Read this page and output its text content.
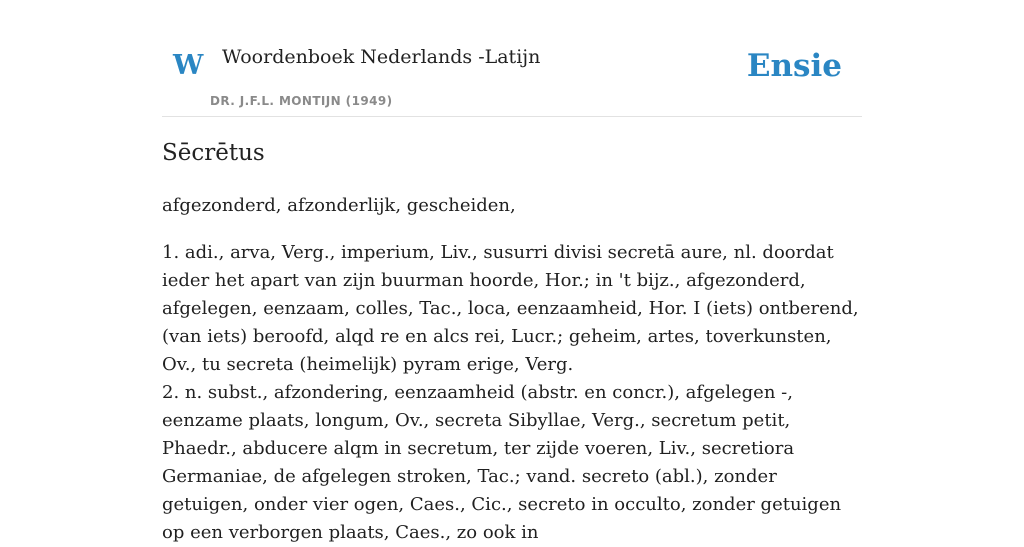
W Woordenboek Nederlands -Latijn
DR. J.F.L. MONTIJN (1949)
Ensie
Sēcrētus
afgezonderd, afzonderlijk, gescheiden,

1. adi., arva, Verg., imperium, Liv., susurri divisi secretā aure, nl. doordat ieder het apart van zijn buurman hoorde, Hor.; in 't bijz., afgezonderd, afgelegen, eenzaam, colles, Tac., loca, eenzaamheid, Hor. I (iets) ontberend, (van iets) beroofd, alqd re en alcs rei, Lucr.; geheim, artes, toverkunsten, Ov., tu secreta (heimelijk) pyram erige, Verg.

2. n. subst., afzondering, eenzaamheid (abstr. en concr.), afgelegen -, eenzame plaats, longum, Ov., secreta Sibyllae, Verg., secretum petit, Phaedr., abducere alqm in secretum, ter zijde voeren, Liv., secretiora Germaniae, de afgelegen stroken, Tac.; vand. secreto (abl.), zonder getuigen, onder vier ogen, Caes., Cic., secreto in occulto, zonder getuigen op een verborgen plaats, Caes., zo ook in
